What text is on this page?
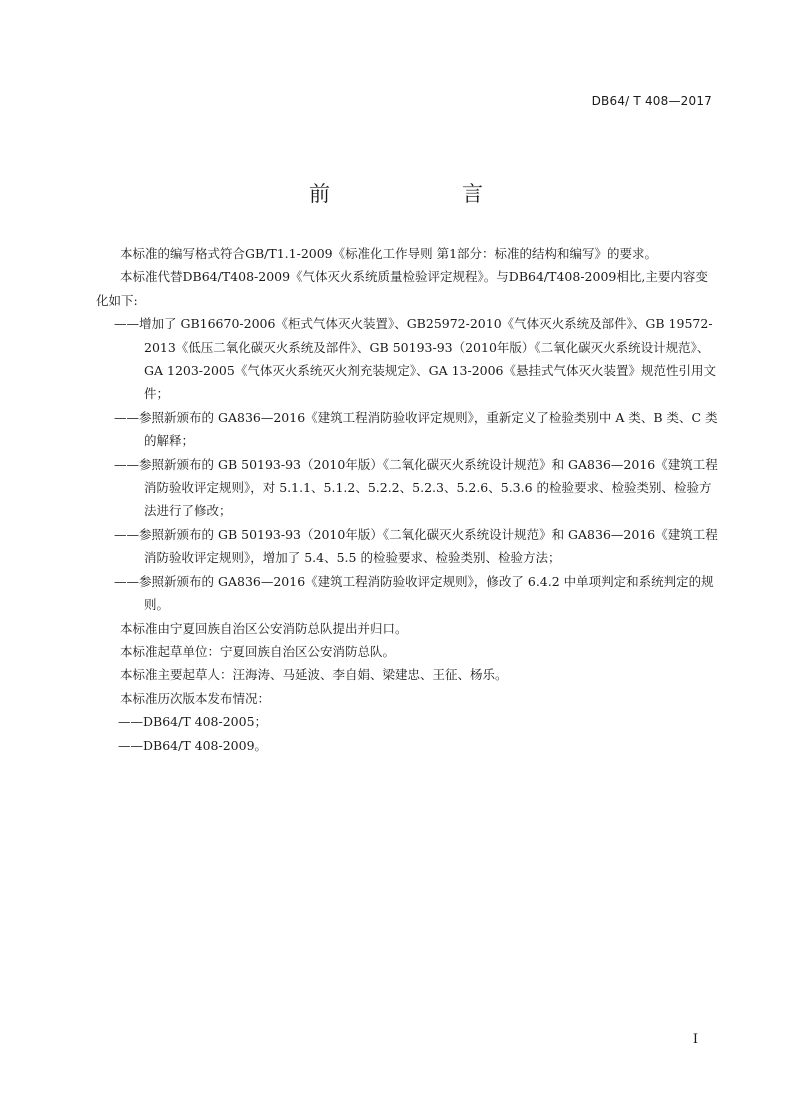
DB64/ T 408—2017
前　　言

本标准的编写格式符合GB/T1.1-2009《标准化工作导则 第1部分：标准的结构和编写》的要求。

本标准代替DB64/T408-2009《气体灭火系统质量检验评定规程》。与DB64/T408-2009相比,主要内容变化如下:

——增加了 GB16670-2006《柜式气体灭火装置》、GB25972-2010《气体灭火系统及部件》、GB 19572-2013《低压二氧化碳灭火系统及部件》、GB 50193-93（2010年版）《二氧化碳灭火系统设计规范》、GA 1203-2005《气体灭火系统灭火剂充装规定》、GA 13-2006《悬挂式气体灭火装置》规范性引用文件；
——参照新颁布的 GA836—2016《建筑工程消防验收评定规则》，重新定义了检验类别中 A 类、B 类、C 类的解释；
——参照新颁布的 GB 50193-93（2010年版）《二氧化碳灭火系统设计规范》和 GA836—2016《建筑工程消防验收评定规则》，对 5.1.1、5.1.2、5.2.2、5.2.3、5.2.6、5.3.6 的检验要求、检验类别、检验方法进行了修改；
——参照新颁布的 GB 50193-93（2010年版）《二氧化碳灭火系统设计规范》和 GA836—2016《建筑工程消防验收评定规则》，增加了 5.4、5.5 的检验要求、检验类别、检验方法；
——参照新颁布的 GA836—2016《建筑工程消防验收评定规则》，修改了 6.4.2 中单项判定和系统判定的规则。

本标准由宁夏回族自治区公安消防总队提出并归口。

本标准起草单位：宁夏回族自治区公安消防总队。

本标准主要起草人：汪海涛、马延波、李自娟、梁建忠、王征、杨乐。

本标准历次版本发布情况：

——DB64/T 408-2005；

——DB64/T 408-2009。

I
